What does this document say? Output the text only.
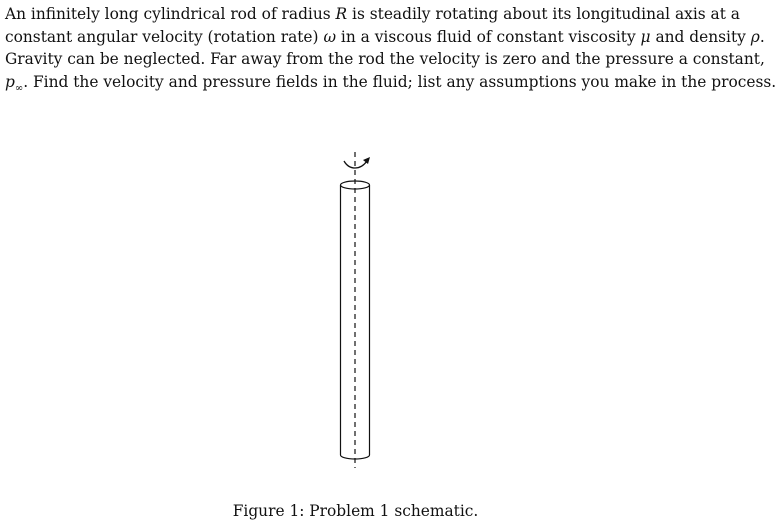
An infinitely long cylindrical rod of radius R is steadily rotating about its longitudinal axis at a
constant angular velocity (rotation rate) ω in a viscous fluid of constant viscosity μ and density ρ.
Gravity can be neglected. Far away from the rod the velocity is zero and the pressure a constant,
$p_\infty$. Find the velocity and pressure fields in the fluid; list any assumptions you make in the process.
Figure 1: Problem 1 schematic.
